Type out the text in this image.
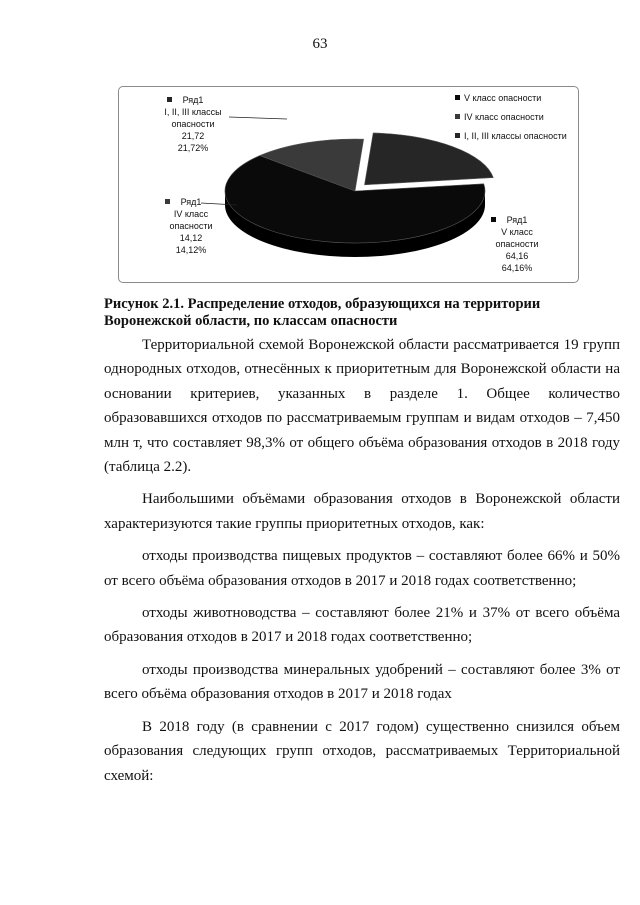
63
V класс опасности
IV класс опасности
I, II, III классы опасности
Ряд1
V класс
опасности
64,16
64,16%
Ряд1
IV класс
опасности
14,12
14,12%
Ряд1
I, II, III классы
опасности
21,72
21,72%
Рисунок 2.1. Распределение отходов, образующихся на территории
Воронежской области, по классам опасности

Территориальной схемой Воронежской области рассматривается 19 групп однородных отходов, отнесённых к приоритетным для Воронежской области на основании критериев, указанных в разделе 1. Общее количество образовавшихся отходов по рассматриваемым группам и видам отходов – 7,450 млн т, что составляет 98,3% от общего объёма образования отходов в 2018 году (таблица 2.2).

Наибольшими объёмами образования отходов в Воронежской области характеризуются такие группы приоритетных отходов, как:

отходы производства пищевых продуктов – составляют более 66% и 50% от всего объёма образования отходов в 2017 и 2018 годах соответственно;

отходы животноводства – составляют более 21% и 37% от всего объёма образования отходов в 2017 и 2018 годах соответственно;

отходы производства минеральных удобрений – составляют более 3% от всего объёма образования отходов в 2017 и 2018 годах

В 2018 году (в сравнении с 2017 годом) существенно снизился объем образования следующих групп отходов, рассматриваемых Территориальной схемой:
